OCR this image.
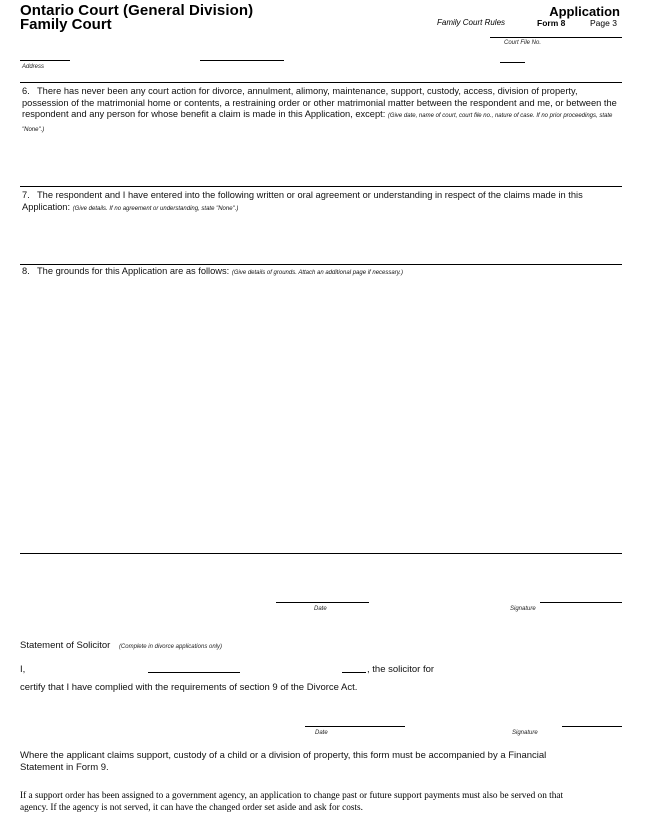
Ontario Court (General Division)
Family Court
Application
Family Court Rules	Form 8	Page 3
Court File No.
Address
6. There has never been any court action for divorce, annulment, alimony, maintenance, support, custody, access, division of property, possession of the matrimonial home or contents, a restraining order or other matrimonial matter between the respondent and me, or between the respondent and any person for whose benefit a claim is made in this Application, except: (Give date, name of court, court file no., nature of case. If no prior proceedings, state "None".)
7. The respondent and I have entered into the following written or oral agreement or understanding in respect of the claims made in this Application: (Give details. If no agreement or understanding, state "None".)
8. The grounds for this Application are as follows: (Give details of grounds. Attach an additional page if necessary.)
Date	Signature
Statement of Solicitor (Complete in divorce applications only)
I,	, the solicitor for
certify that I have complied with the requirements of section 9 of the Divorce Act.
Date	Signature
Where the applicant claims support, custody of a child or a division of property, this form must be accompanied by a Financial Statement in Form 9.
If a support order has been assigned to a government agency, an application to change past or future support payments must also be served on that agency. If the agency is not served, it can have the changed order set aside and ask for costs.
